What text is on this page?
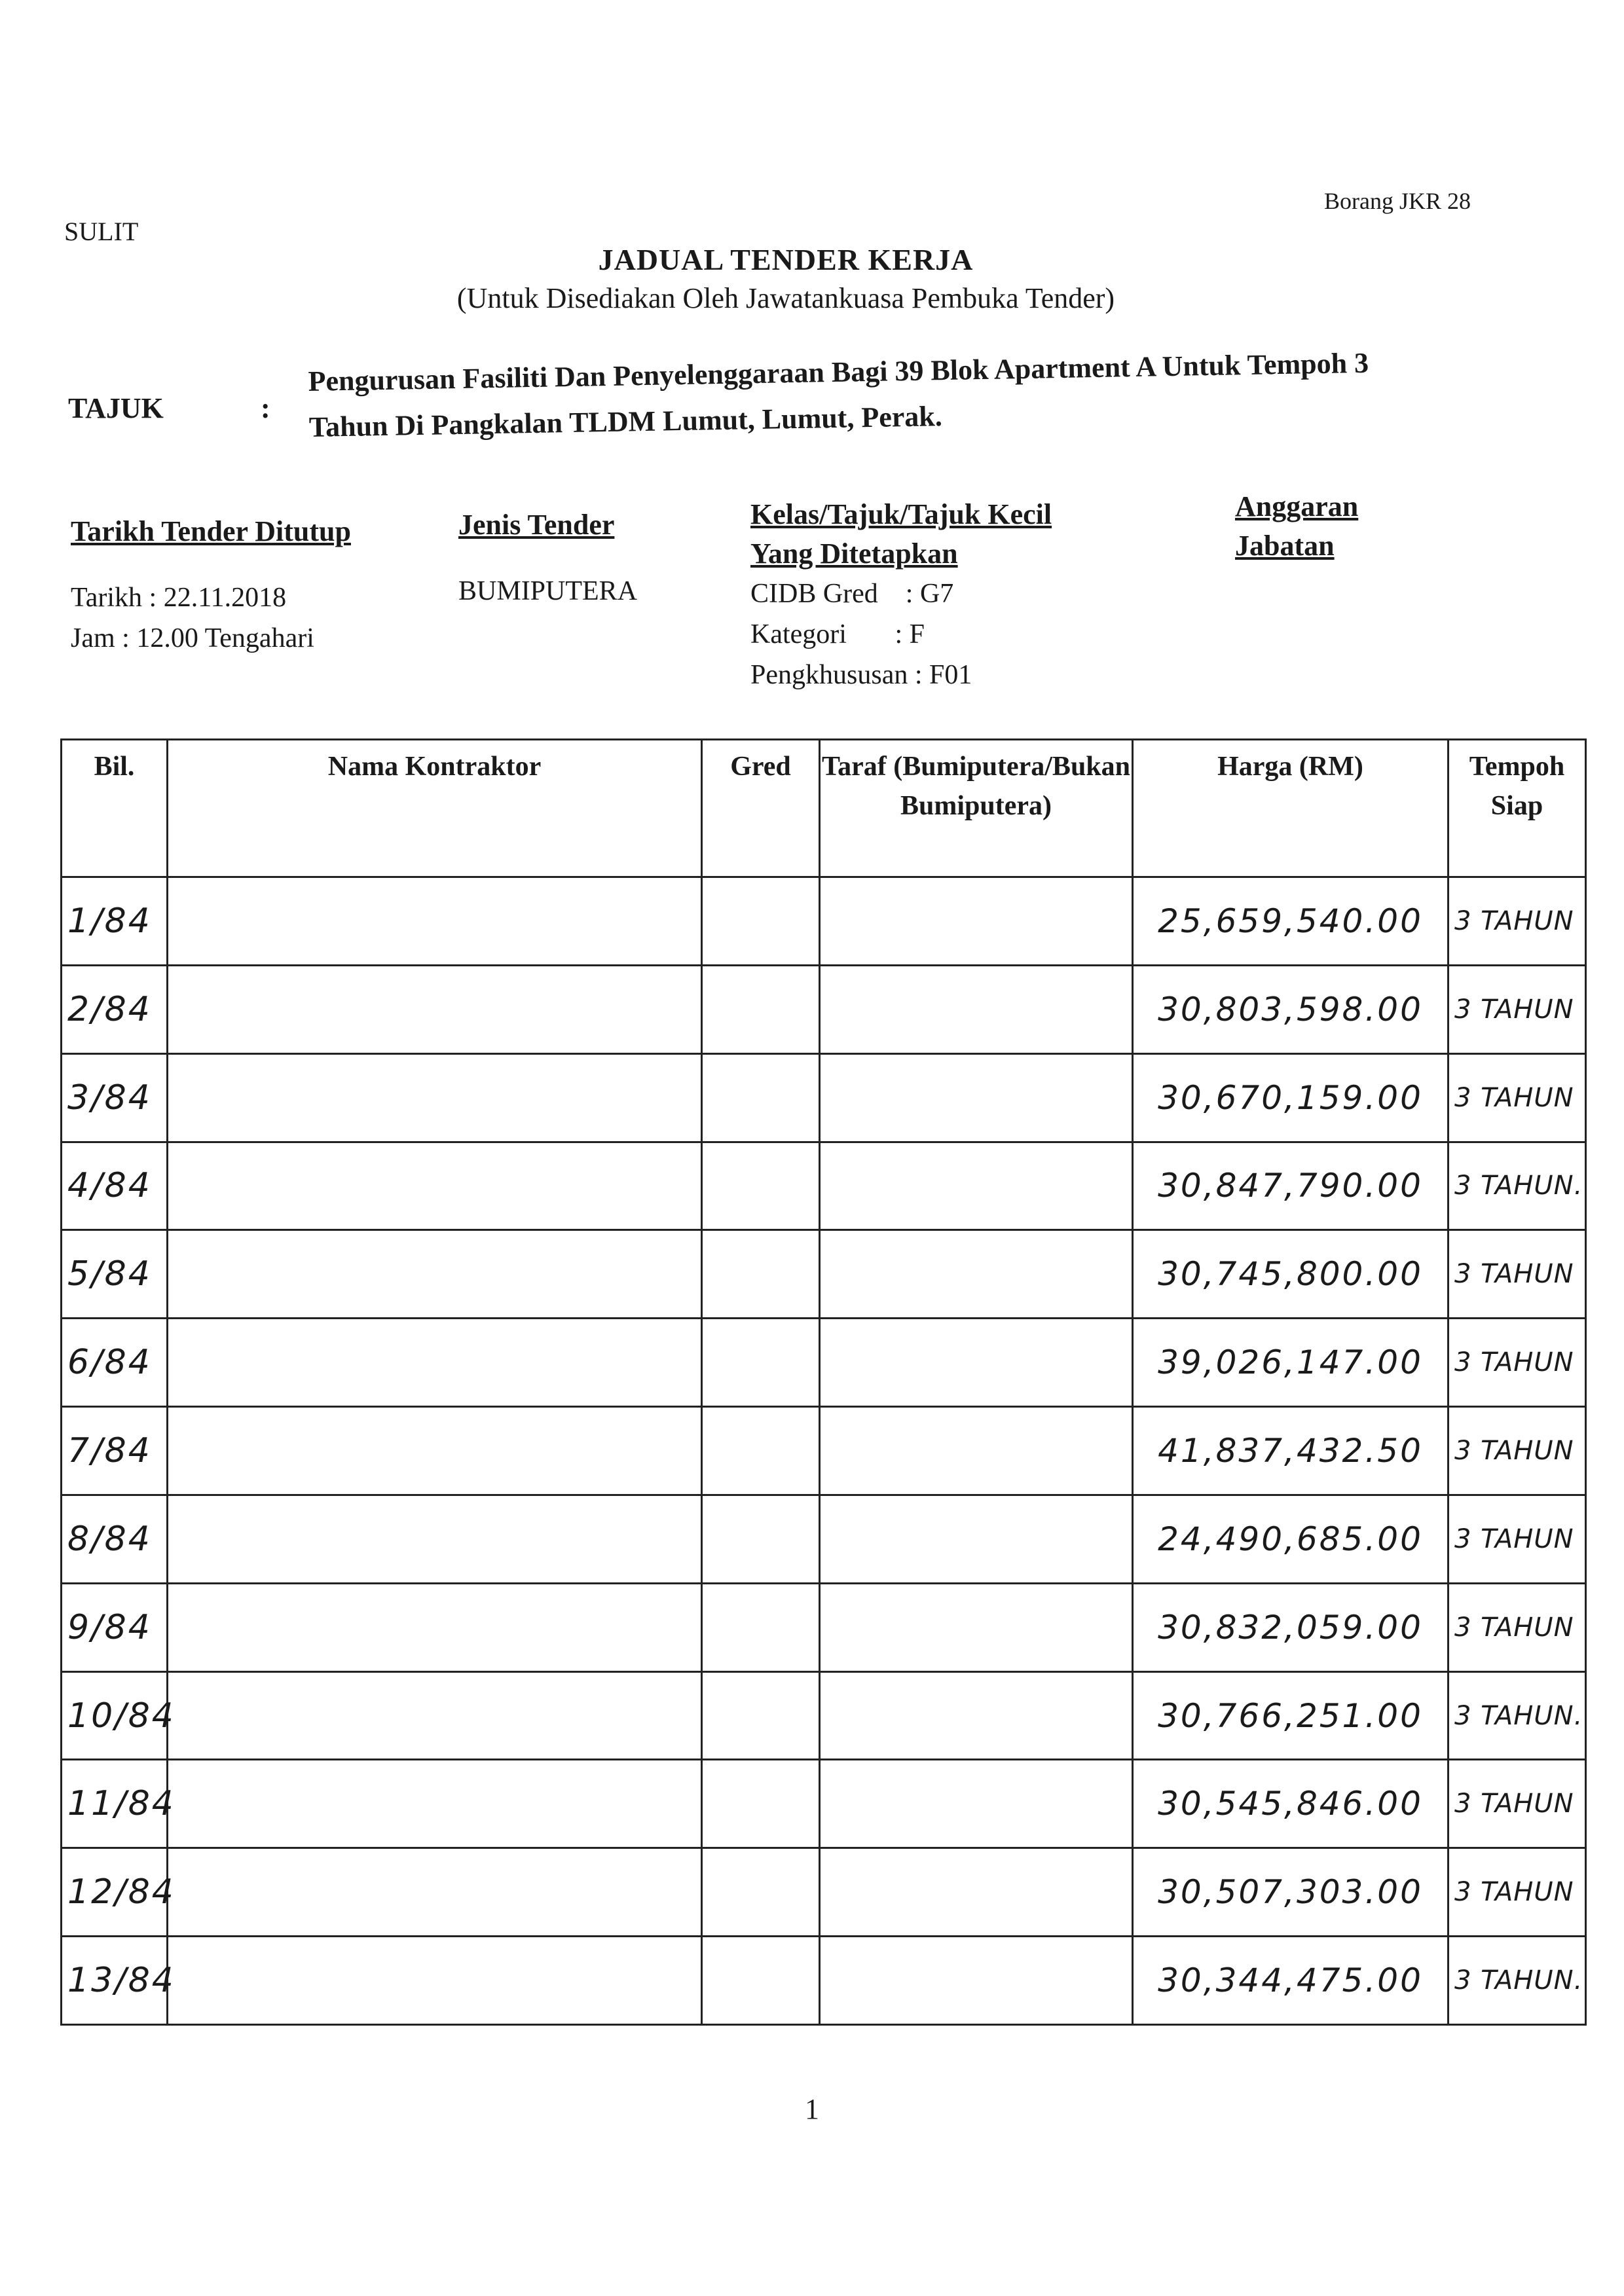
SULIT
Borang JKR 28
JADUAL TENDER KERJA
(Untuk Disediakan Oleh Jawatankuasa Pembuka Tender)
TAJUK	:
Pengurusan Fasiliti Dan Penyelenggaraan Bagi 39 Blok Apartment A Untuk Tempoh 3
Tahun Di Pangkalan TLDM Lumut, Lumut, Perak.
Tarikh Tender Ditutup
Tarikh : 22.11.2018
Jam : 12.00 Tengahari
Jenis Tender
BUMIPUTERA
Kelas/Tajuk/Tajuk Kecil
Yang Ditetapkan
CIDB Gred    : G7
Kategori       : F
Pengkhususan : F01
Anggaran
Jabatan
Bil.	Nama Kontraktor	Gred	Taraf (Bumiputera/Bukan Bumiputera)	Harga (RM)	Tempoh Siap
1/84				25,659,540.00	3 TAHUN
2/84				30,803,598.00	3 TAHUN
3/84				30,670,159.00	3 TAHUN
4/84				30,847,790.00	3 TAHUN.
5/84				30,745,800.00	3 TAHUN
6/84				39,026,147.00	3 TAHUN
7/84				41,837,432.50	3 TAHUN
8/84				24,490,685.00	3 TAHUN
9/84				30,832,059.00	3 TAHUN
10/84				30,766,251.00	3 TAHUN.
11/84				30,545,846.00	3 TAHUN
12/84				30,507,303.00	3 TAHUN
13/84				30,344,475.00	3 TAHUN.
1
